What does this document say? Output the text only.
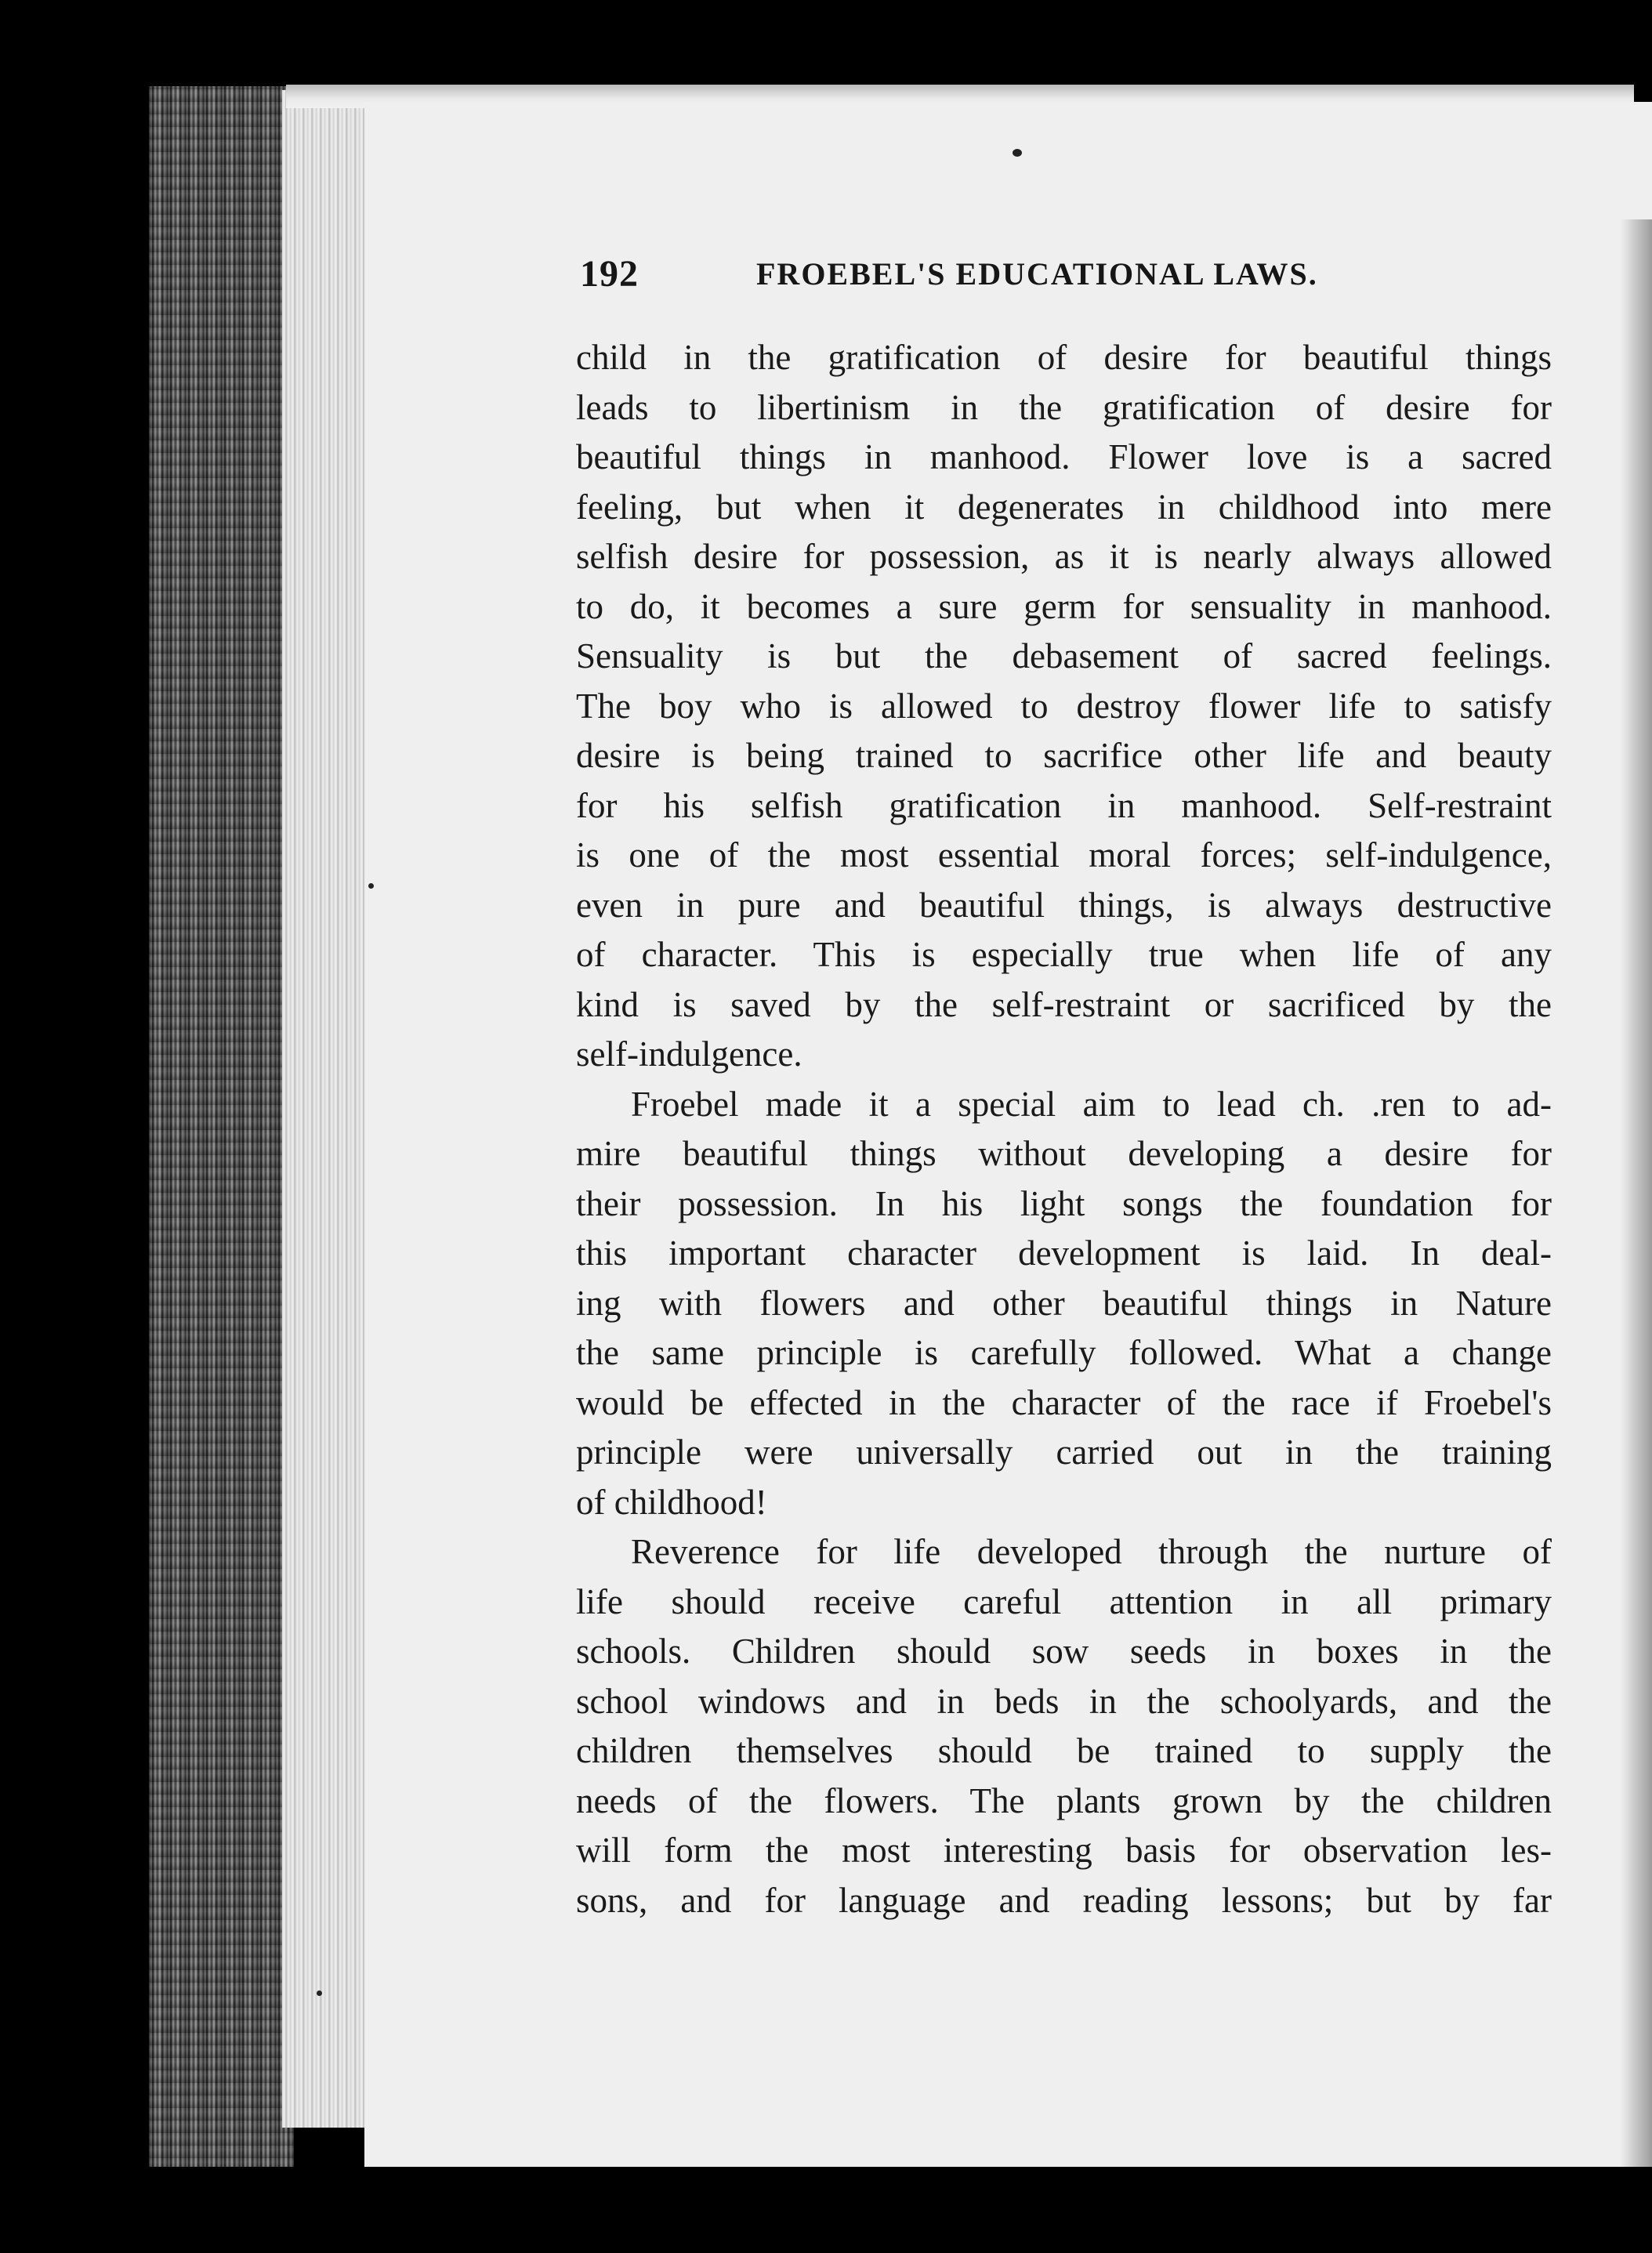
192	FROEBEL'S EDUCATIONAL LAWS.
child in the gratification of desire for beautiful things
leads to libertinism in the gratification of desire for
beautiful things in manhood. Flower love is a sacred
feeling, but when it degenerates in childhood into mere
selfish desire for possession, as it is nearly always allowed
to do, it becomes a sure germ for sensuality in manhood.
Sensuality is but the debasement of sacred feelings.
The boy who is allowed to destroy flower life to satisfy
desire is being trained to sacrifice other life and beauty
for his selfish gratification in manhood. Self-restraint
is one of the most essential moral forces; self-indulgence,
even in pure and beautiful things, is always destructive
of character. This is especially true when life of any
kind is saved by the self-restraint or sacrificed by the
self-indulgence.
Froebel made it a special aim to lead ch. .ren to ad-
mire beautiful things without developing a desire for
their possession. In his light songs the foundation for
this important character development is laid. In deal-
ing with flowers and other beautiful things in Nature
the same principle is carefully followed. What a change
would be effected in the character of the race if Froebel's
principle were universally carried out in the training
of childhood!
Reverence for life developed through the nurture of
life should receive careful attention in all primary
schools. Children should sow seeds in boxes in the
school windows and in beds in the schoolyards, and the
children themselves should be trained to supply the
needs of the flowers. The plants grown by the children
will form the most interesting basis for observation les-
sons, and for language and reading lessons; but by far
